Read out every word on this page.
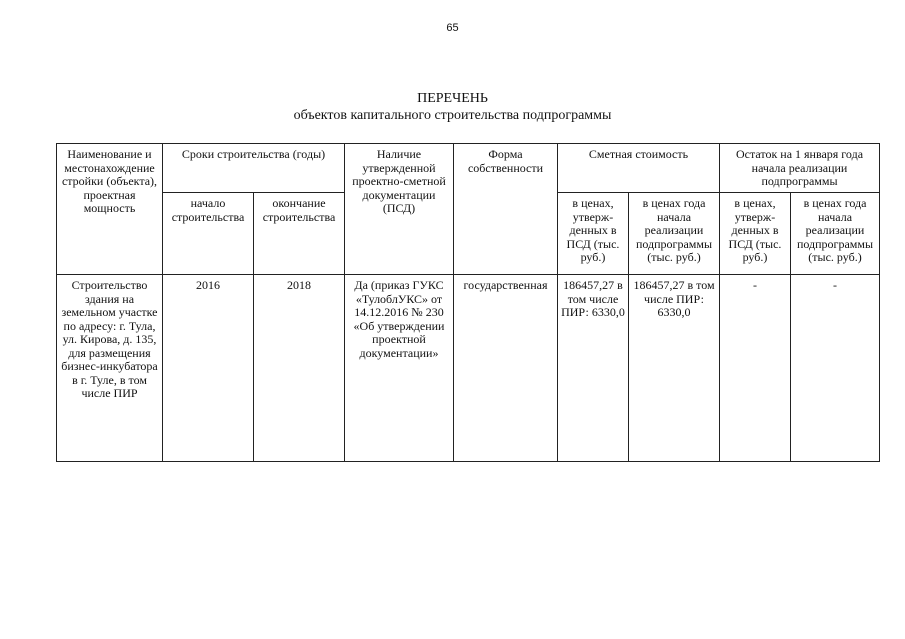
65
ПЕРЕЧЕНЬ
объектов капитального строительства подпрограммы
Наименование и местонахождение стройки (объекта), проектная мощность	Сроки строительства (годы)		Наличие утвержденной проектно-сметной документации (ПСД)	Форма собственности	Сметная стоимость		Остаток на 1 января года начала реализации подпрограммы	
	начало строительства	окончание строительства			в ценах, утверж-денных в ПСД (тыс. руб.)	в ценах года начала реализации подпрограммы (тыс. руб.)	в ценах, утверж-денных в ПСД (тыс. руб.)	в ценах года начала реализации подпрограммы (тыс. руб.)
Строительство здания на земельном участке по адресу: г. Тула, ул. Кирова, д. 135, для размещения бизнес-инкубатора в г. Туле, в том числе ПИР	2016	2018	Да (приказ ГУКС «ТулоблУКС» от 14.12.2016 № 230 «Об утверждении проектной документации»	государственная	186457,27 в том числе ПИР: 6330,0	186457,27 в том числе ПИР: 6330,0	-	-
